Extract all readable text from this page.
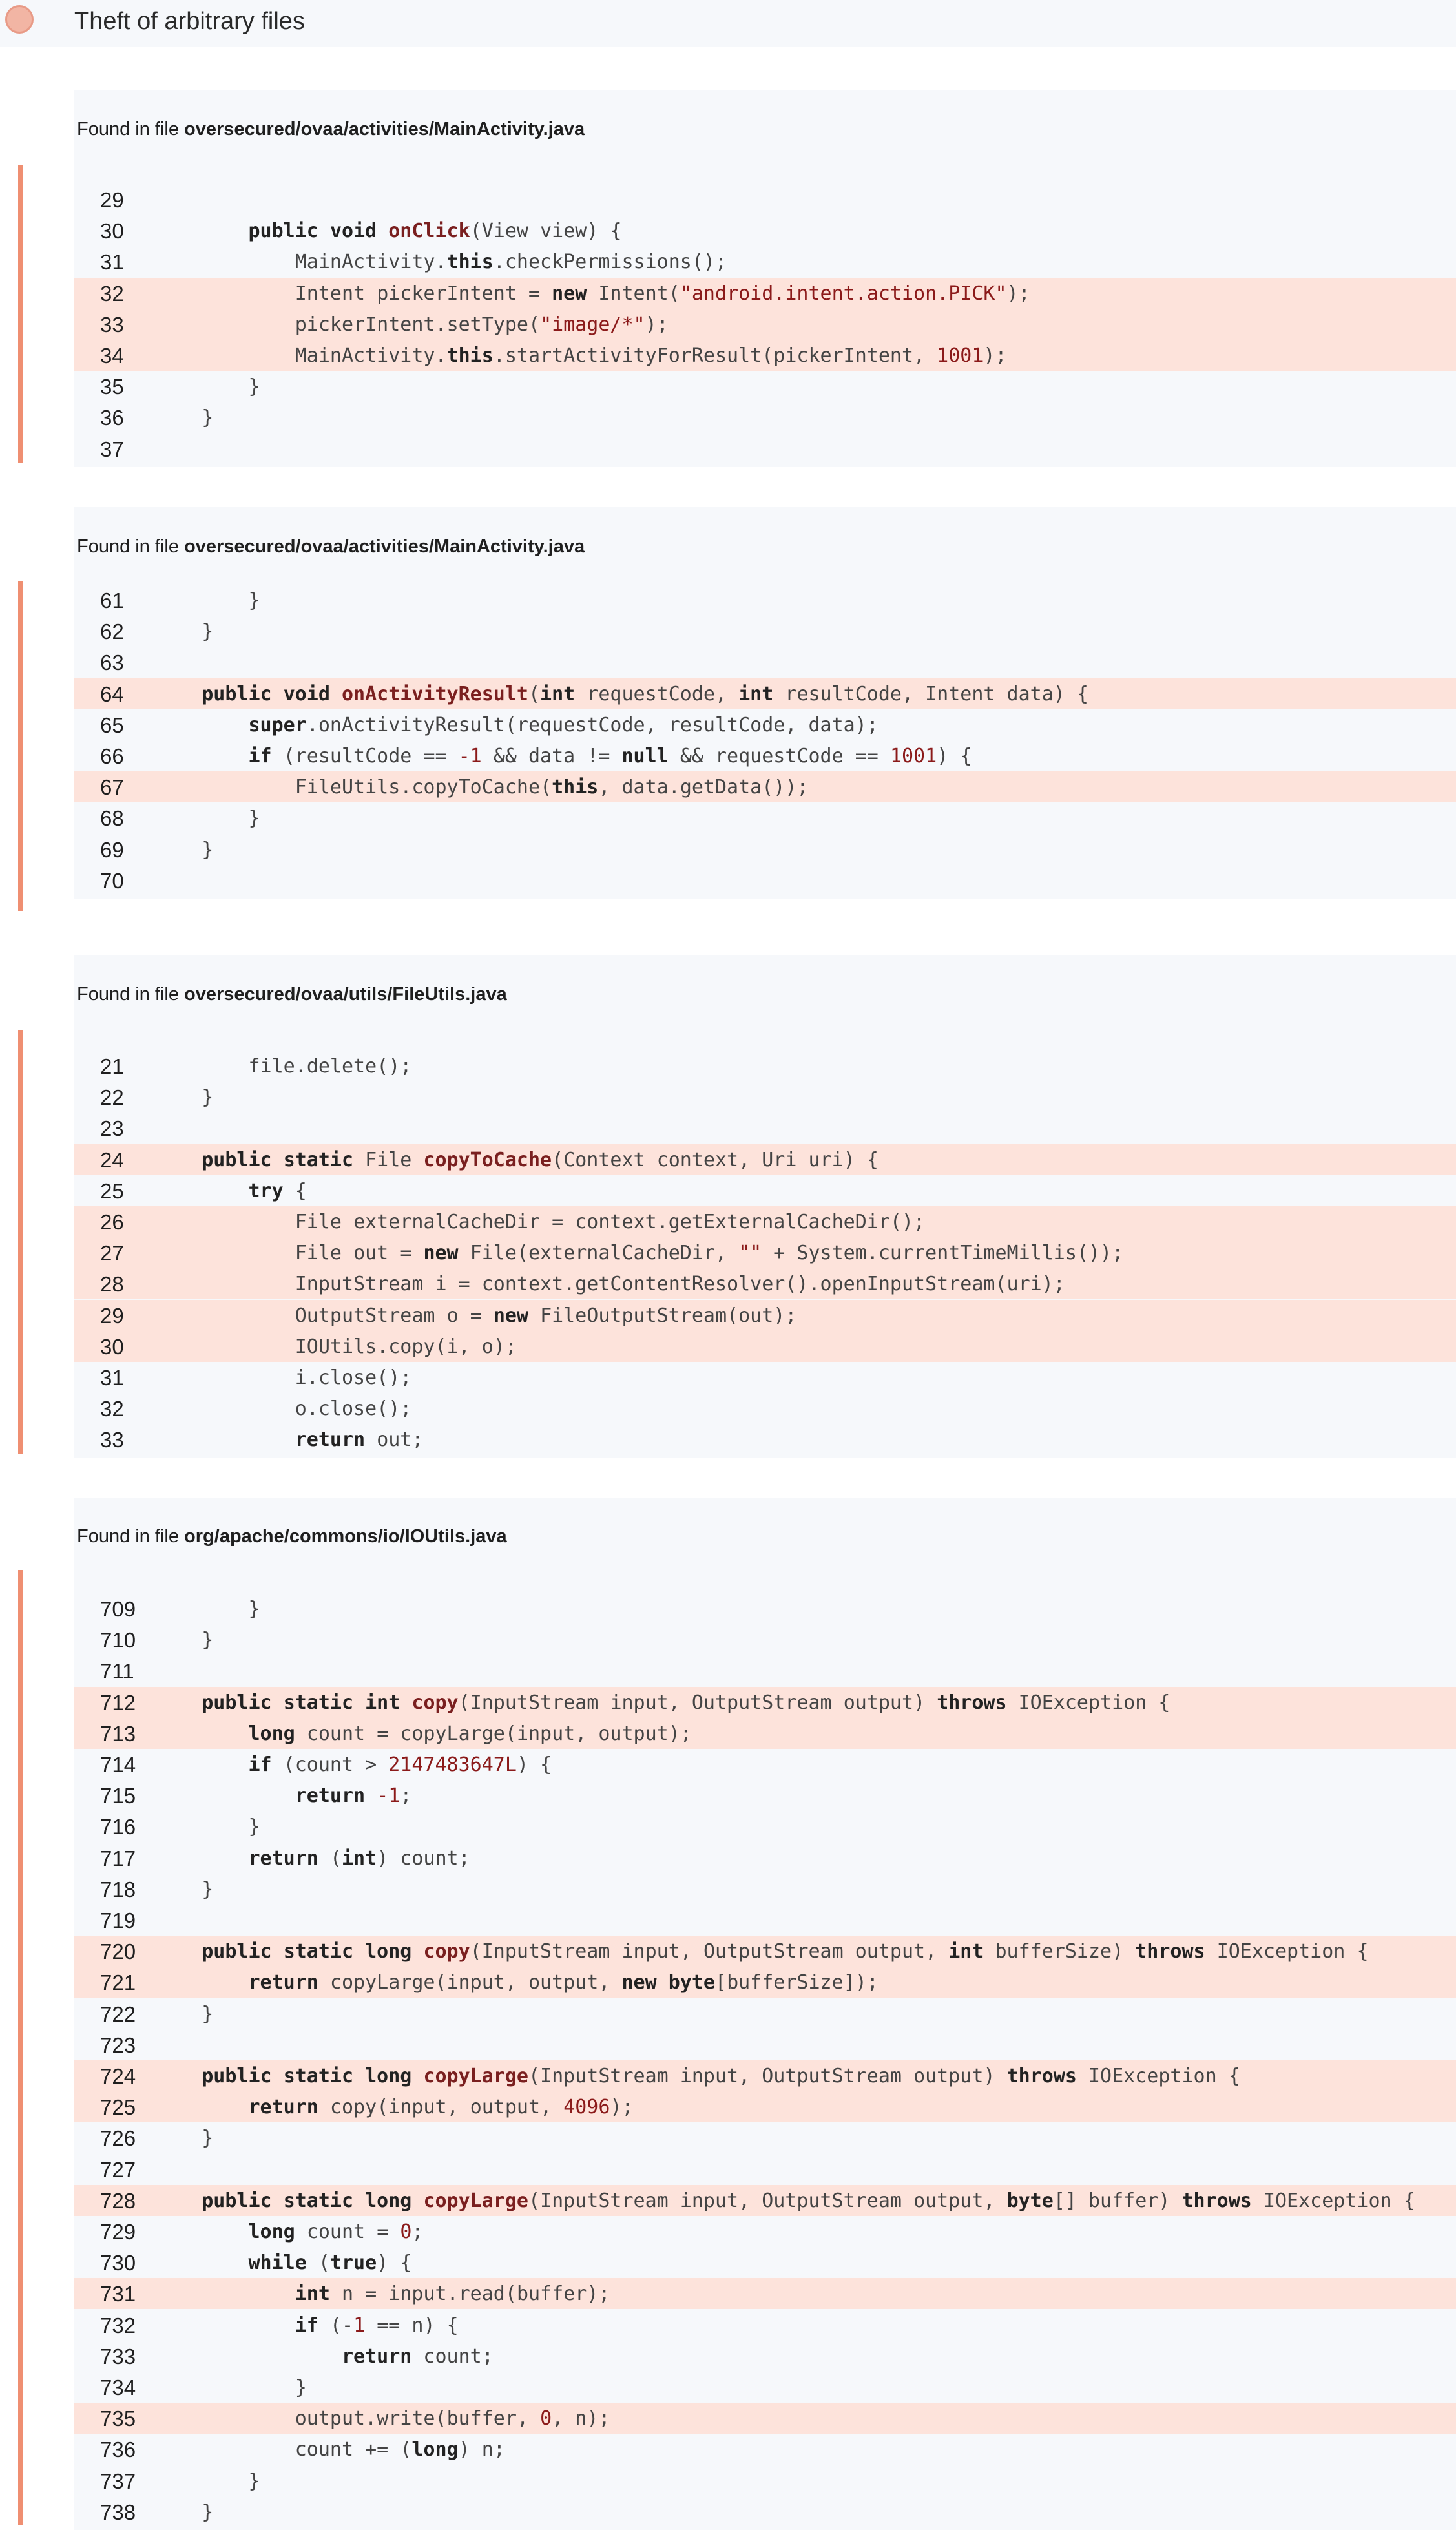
Theft of arbitrary files
Found in file oversecured/ovaa/activities/MainActivity.java
29
30	public void onClick(View view) {
31	MainActivity.this.checkPermissions();
32	Intent pickerIntent = new Intent("android.intent.action.PICK");
33	pickerIntent.setType("image/*");
34	MainActivity.this.startActivityForResult(pickerIntent, 1001);
35	}
36	}
37
Found in file oversecured/ovaa/activities/MainActivity.java
61	}
62	}
63
64	public void onActivityResult(int requestCode, int resultCode, Intent data) {
65	super.onActivityResult(requestCode, resultCode, data);
66	if (resultCode == -1 && data != null && requestCode == 1001) {
67	FileUtils.copyToCache(this, data.getData());
68	}
69	}
70
Found in file oversecured/ovaa/utils/FileUtils.java
21	file.delete();
22	}
23
24	public static File copyToCache(Context context, Uri uri) {
25	try {
26	File externalCacheDir = context.getExternalCacheDir();
27	File out = new File(externalCacheDir, "" + System.currentTimeMillis());
28	InputStream i = context.getContentResolver().openInputStream(uri);
29	OutputStream o = new FileOutputStream(out);
30	IOUtils.copy(i, o);
31	i.close();
32	o.close();
33	return out;
Found in file org/apache/commons/io/IOUtils.java
709	}
710	}
711
712	public static int copy(InputStream input, OutputStream output) throws IOException {
713	long count = copyLarge(input, output);
714	if (count > 2147483647L) {
715	return -1;
716	}
717	return (int) count;
718	}
719
720	public static long copy(InputStream input, OutputStream output, int bufferSize) throws IOException {
721	return copyLarge(input, output, new byte[bufferSize]);
722	}
723
724	public static long copyLarge(InputStream input, OutputStream output) throws IOException {
725	return copy(input, output, 4096);
726	}
727
728	public static long copyLarge(InputStream input, OutputStream output, byte[] buffer) throws IOException {
729	long count = 0;
730	while (true) {
731	int n = input.read(buffer);
732	if (-1 == n) {
733	return count;
734	}
735	output.write(buffer, 0, n);
736	count += (long) n;
737	}
738	}
